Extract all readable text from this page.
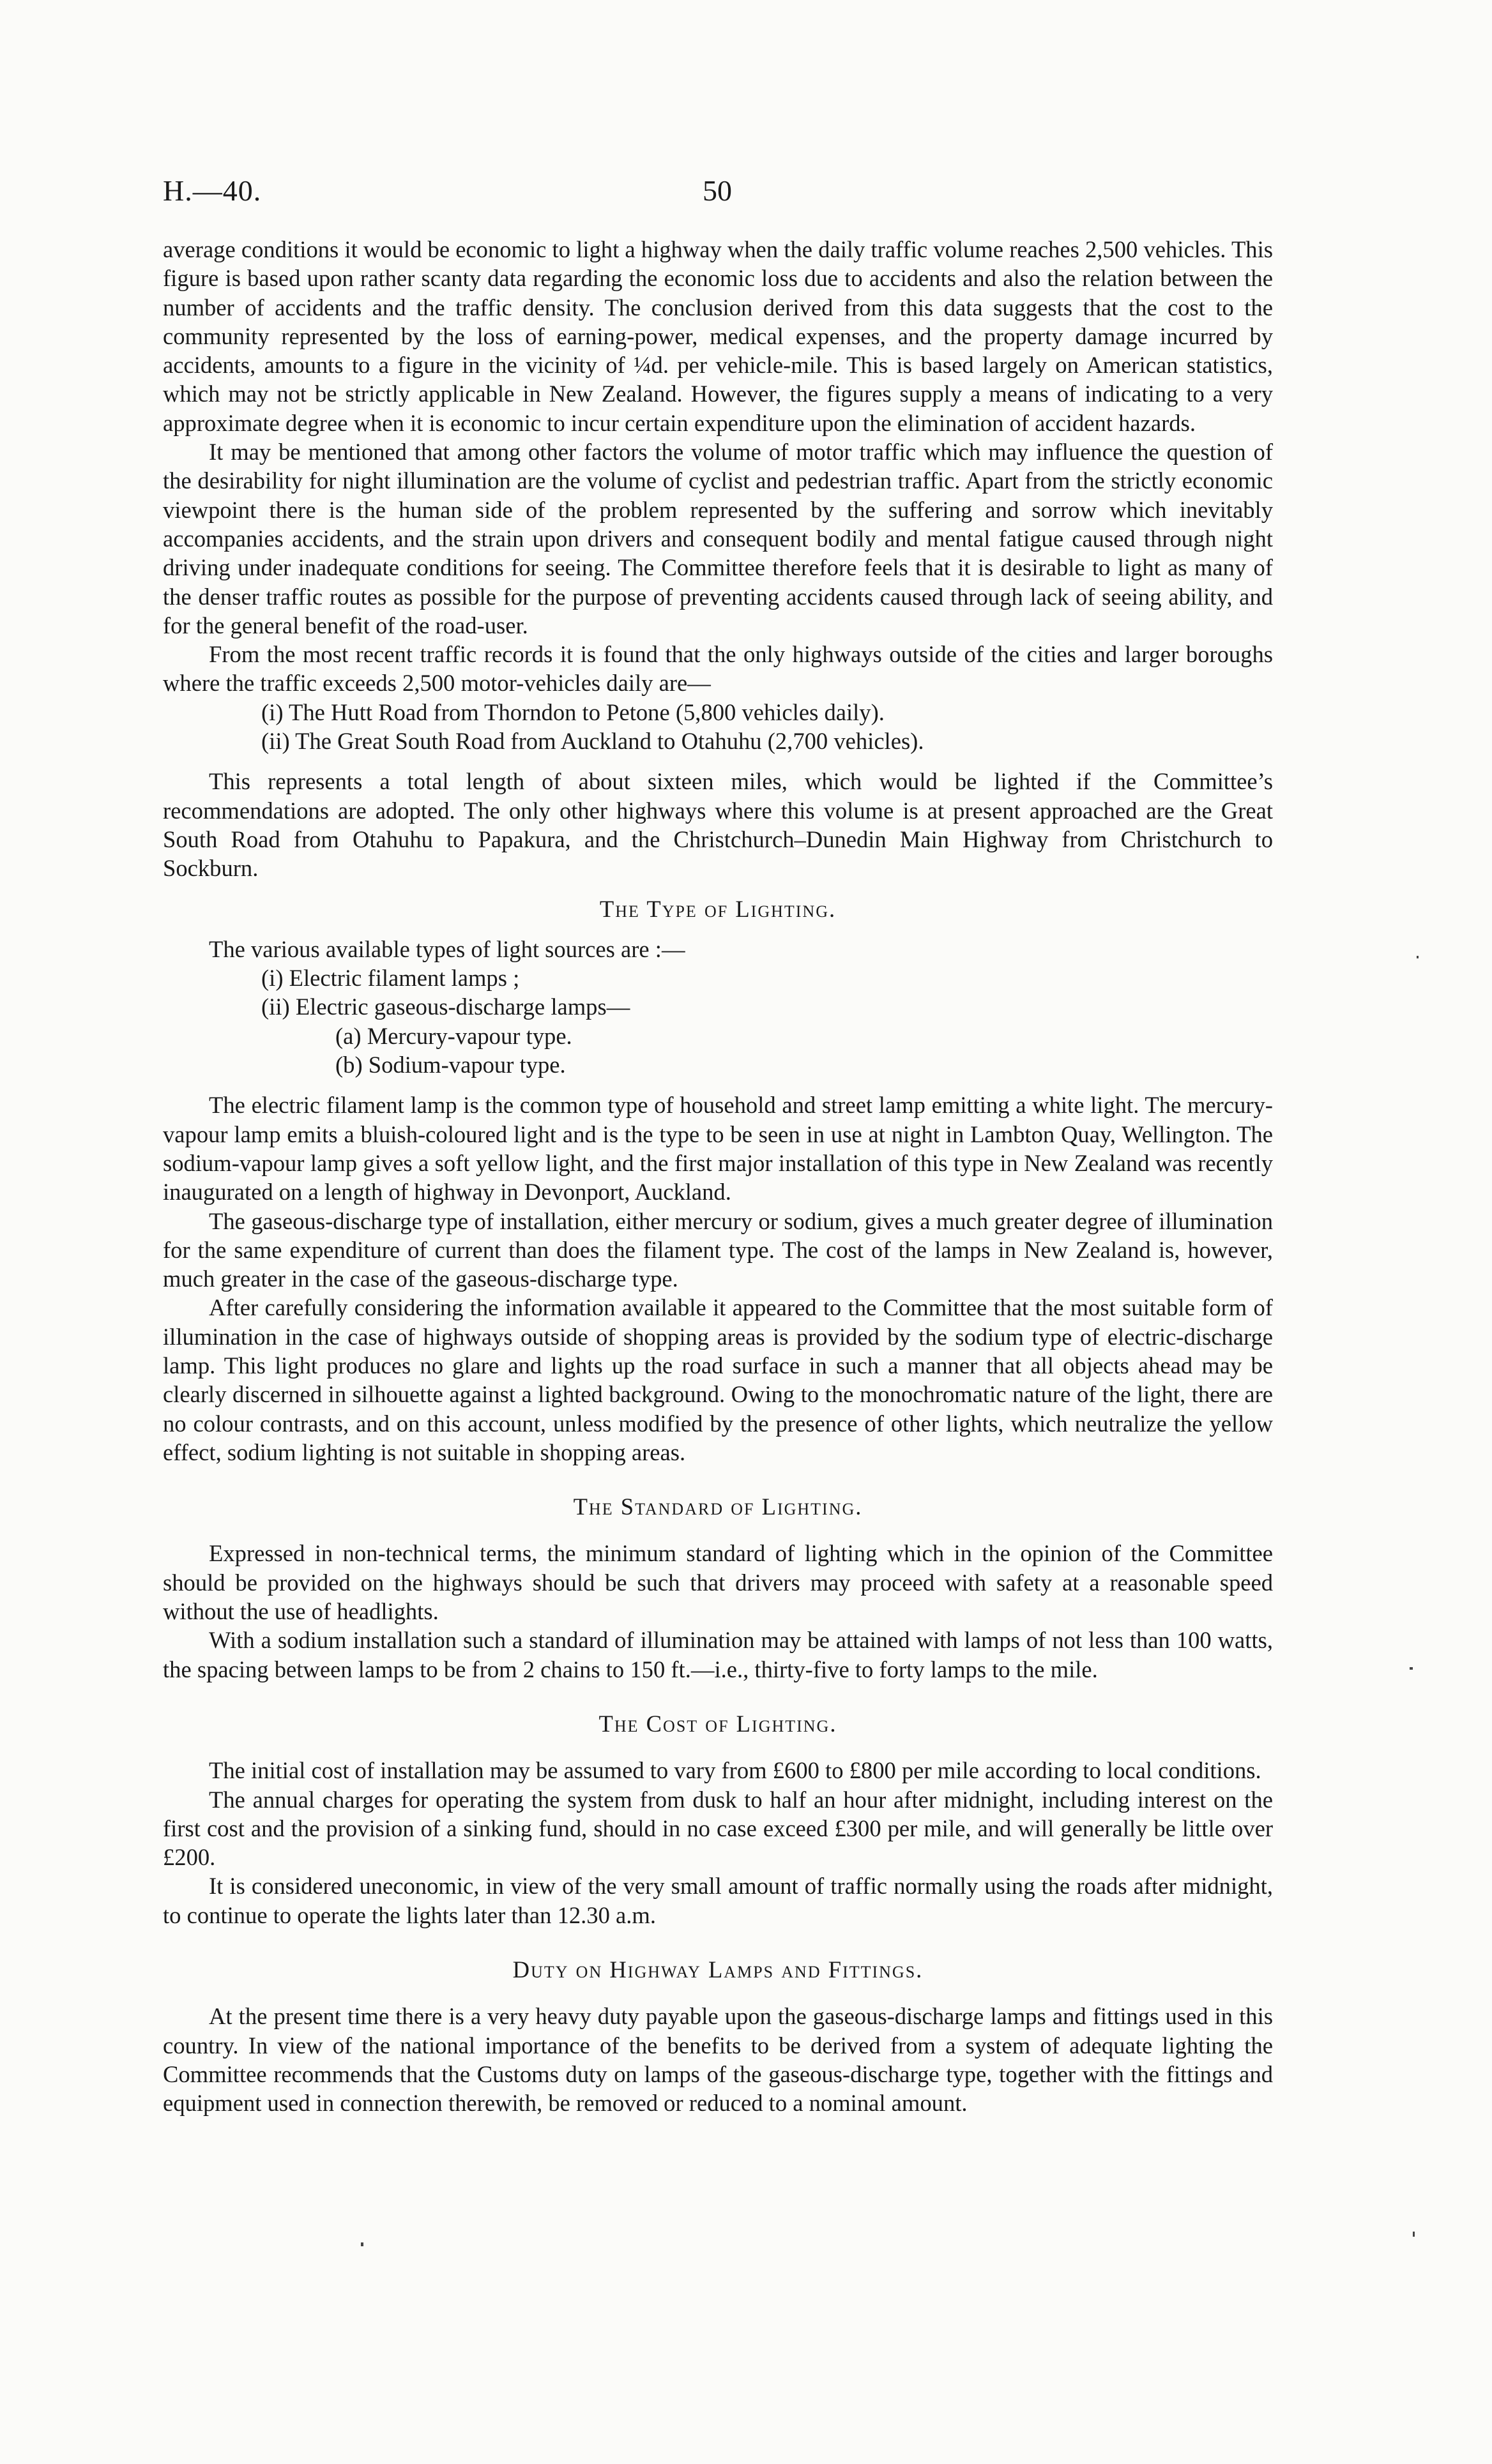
H.—40.	50

average conditions it would be economic to light a highway when the daily traffic volume reaches 2,500 vehicles. This figure is based upon rather scanty data regarding the economic loss due to accidents and also the relation between the number of accidents and the traffic density. The conclusion derived from this data suggests that the cost to the community represented by the loss of earning-power, medical expenses, and the property damage incurred by accidents, amounts to a figure in the vicinity of ¼d. per vehicle-mile. This is based largely on American statistics, which may not be strictly applicable in New Zealand. However, the figures supply a means of indicating to a very approximate degree when it is economic to incur certain expenditure upon the elimination of accident hazards.

It may be mentioned that among other factors the volume of motor traffic which may influence the question of the desirability for night illumination are the volume of cyclist and pedestrian traffic. Apart from the strictly economic viewpoint there is the human side of the problem represented by the suffering and sorrow which inevitably accompanies accidents, and the strain upon drivers and consequent bodily and mental fatigue caused through night driving under inadequate conditions for seeing. The Committee therefore feels that it is desirable to light as many of the denser traffic routes as possible for the purpose of preventing accidents caused through lack of seeing ability, and for the general benefit of the road-user.

From the most recent traffic records it is found that the only highways outside of the cities and larger boroughs where the traffic exceeds 2,500 motor-vehicles daily are—

(i) The Hutt Road from Thorndon to Petone (5,800 vehicles daily).
(ii) The Great South Road from Auckland to Otahuhu (2,700 vehicles).

This represents a total length of about sixteen miles, which would be lighted if the Committee’s recommendations are adopted. The only other highways where this volume is at present approached are the Great South Road from Otahuhu to Papakura, and the Christchurch–Dunedin Main Highway from Christchurch to Sockburn.

The Type of Lighting.

The various available types of light sources are :—

(i) Electric filament lamps ;
(ii) Electric gaseous-discharge lamps—
(a) Mercury-vapour type.
(b) Sodium-vapour type.

The electric filament lamp is the common type of household and street lamp emitting a white light. The mercury-vapour lamp emits a bluish-coloured light and is the type to be seen in use at night in Lambton Quay, Wellington. The sodium-vapour lamp gives a soft yellow light, and the first major installation of this type in New Zealand was recently inaugurated on a length of highway in Devonport, Auckland.

The gaseous-discharge type of installation, either mercury or sodium, gives a much greater degree of illumination for the same expenditure of current than does the filament type. The cost of the lamps in New Zealand is, however, much greater in the case of the gaseous-discharge type.

After carefully considering the information available it appeared to the Committee that the most suitable form of illumination in the case of highways outside of shopping areas is provided by the sodium type of electric-discharge lamp. This light produces no glare and lights up the road surface in such a manner that all objects ahead may be clearly discerned in silhouette against a lighted background. Owing to the monochromatic nature of the light, there are no colour contrasts, and on this account, unless modified by the presence of other lights, which neutralize the yellow effect, sodium lighting is not suitable in shopping areas.

The Standard of Lighting.

Expressed in non-technical terms, the minimum standard of lighting which in the opinion of the Committee should be provided on the highways should be such that drivers may proceed with safety at a reasonable speed without the use of headlights.

With a sodium installation such a standard of illumination may be attained with lamps of not less than 100 watts, the spacing between lamps to be from 2 chains to 150 ft.—i.e., thirty-five to forty lamps to the mile.

The Cost of Lighting.

The initial cost of installation may be assumed to vary from £600 to £800 per mile according to local conditions.

The annual charges for operating the system from dusk to half an hour after midnight, including interest on the first cost and the provision of a sinking fund, should in no case exceed £300 per mile, and will generally be little over £200.

It is considered uneconomic, in view of the very small amount of traffic normally using the roads after midnight, to continue to operate the lights later than 12.30 a.m.

Duty on Highway Lamps and Fittings.

At the present time there is a very heavy duty payable upon the gaseous-discharge lamps and fittings used in this country. In view of the national importance of the benefits to be derived from a system of adequate lighting the Committee recommends that the Customs duty on lamps of the gaseous-discharge type, together with the fittings and equipment used in connection therewith, be removed or reduced to a nominal amount.
